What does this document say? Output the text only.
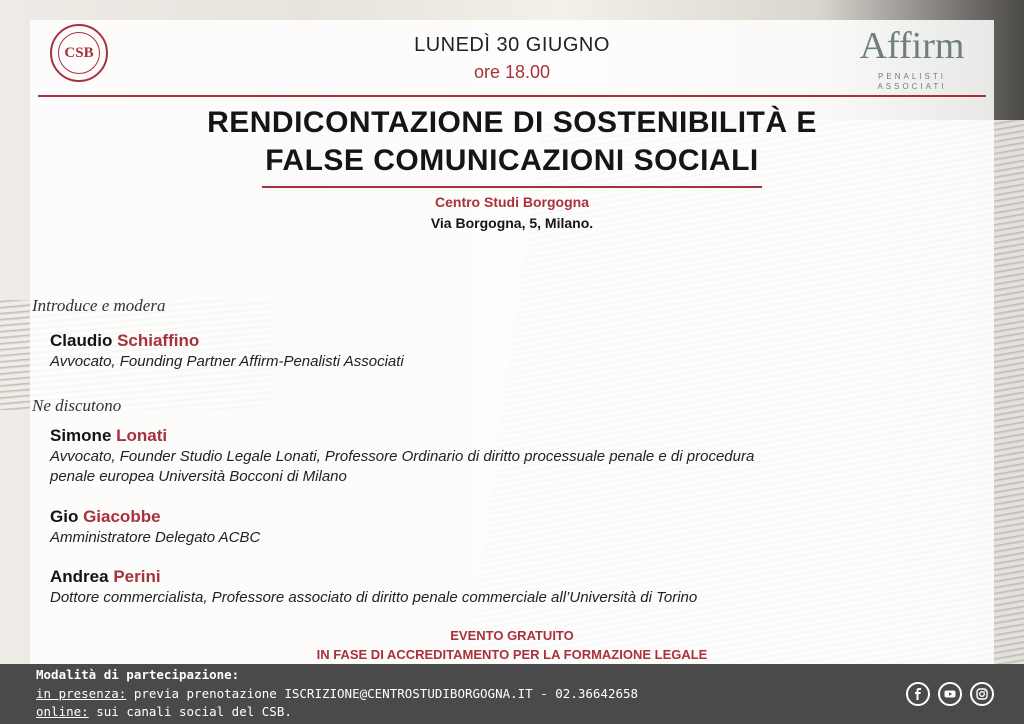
CSB	LUNEDÌ 30 GIUGNO
ore 18.00
Affirm
PENALISTI
ASSOCIATI
RENDICONTAZIONE DI SOSTENIBILITÀ E
FALSE COMUNICAZIONI SOCIALI
Centro Studi Borgogna
Via Borgogna, 5, Milano.
Introduce e modera
Claudio Schiaffino
Avvocato, Founding Partner Affirm-Penalisti Associati
Ne discutono
Simone Lonati
Avvocato, Founder Studio Legale Lonati, Professore Ordinario di diritto processuale penale e di procedura
penale europea Università Bocconi di Milano
Gio Giacobbe
Amministratore Delegato ACBC
Andrea Perini
Dottore commercialista, Professore associato di diritto penale commerciale all’Università di Torino
EVENTO GRATUITO
IN FASE DI ACCREDITAMENTO PER LA FORMAZIONE LEGALE
Modalità di partecipazione:
in presenza: previa prenotazione ISCRIZIONE@CENTROSTUDIBORGOGNA.IT - 02.36642658
online: sui canali social del CSB.
